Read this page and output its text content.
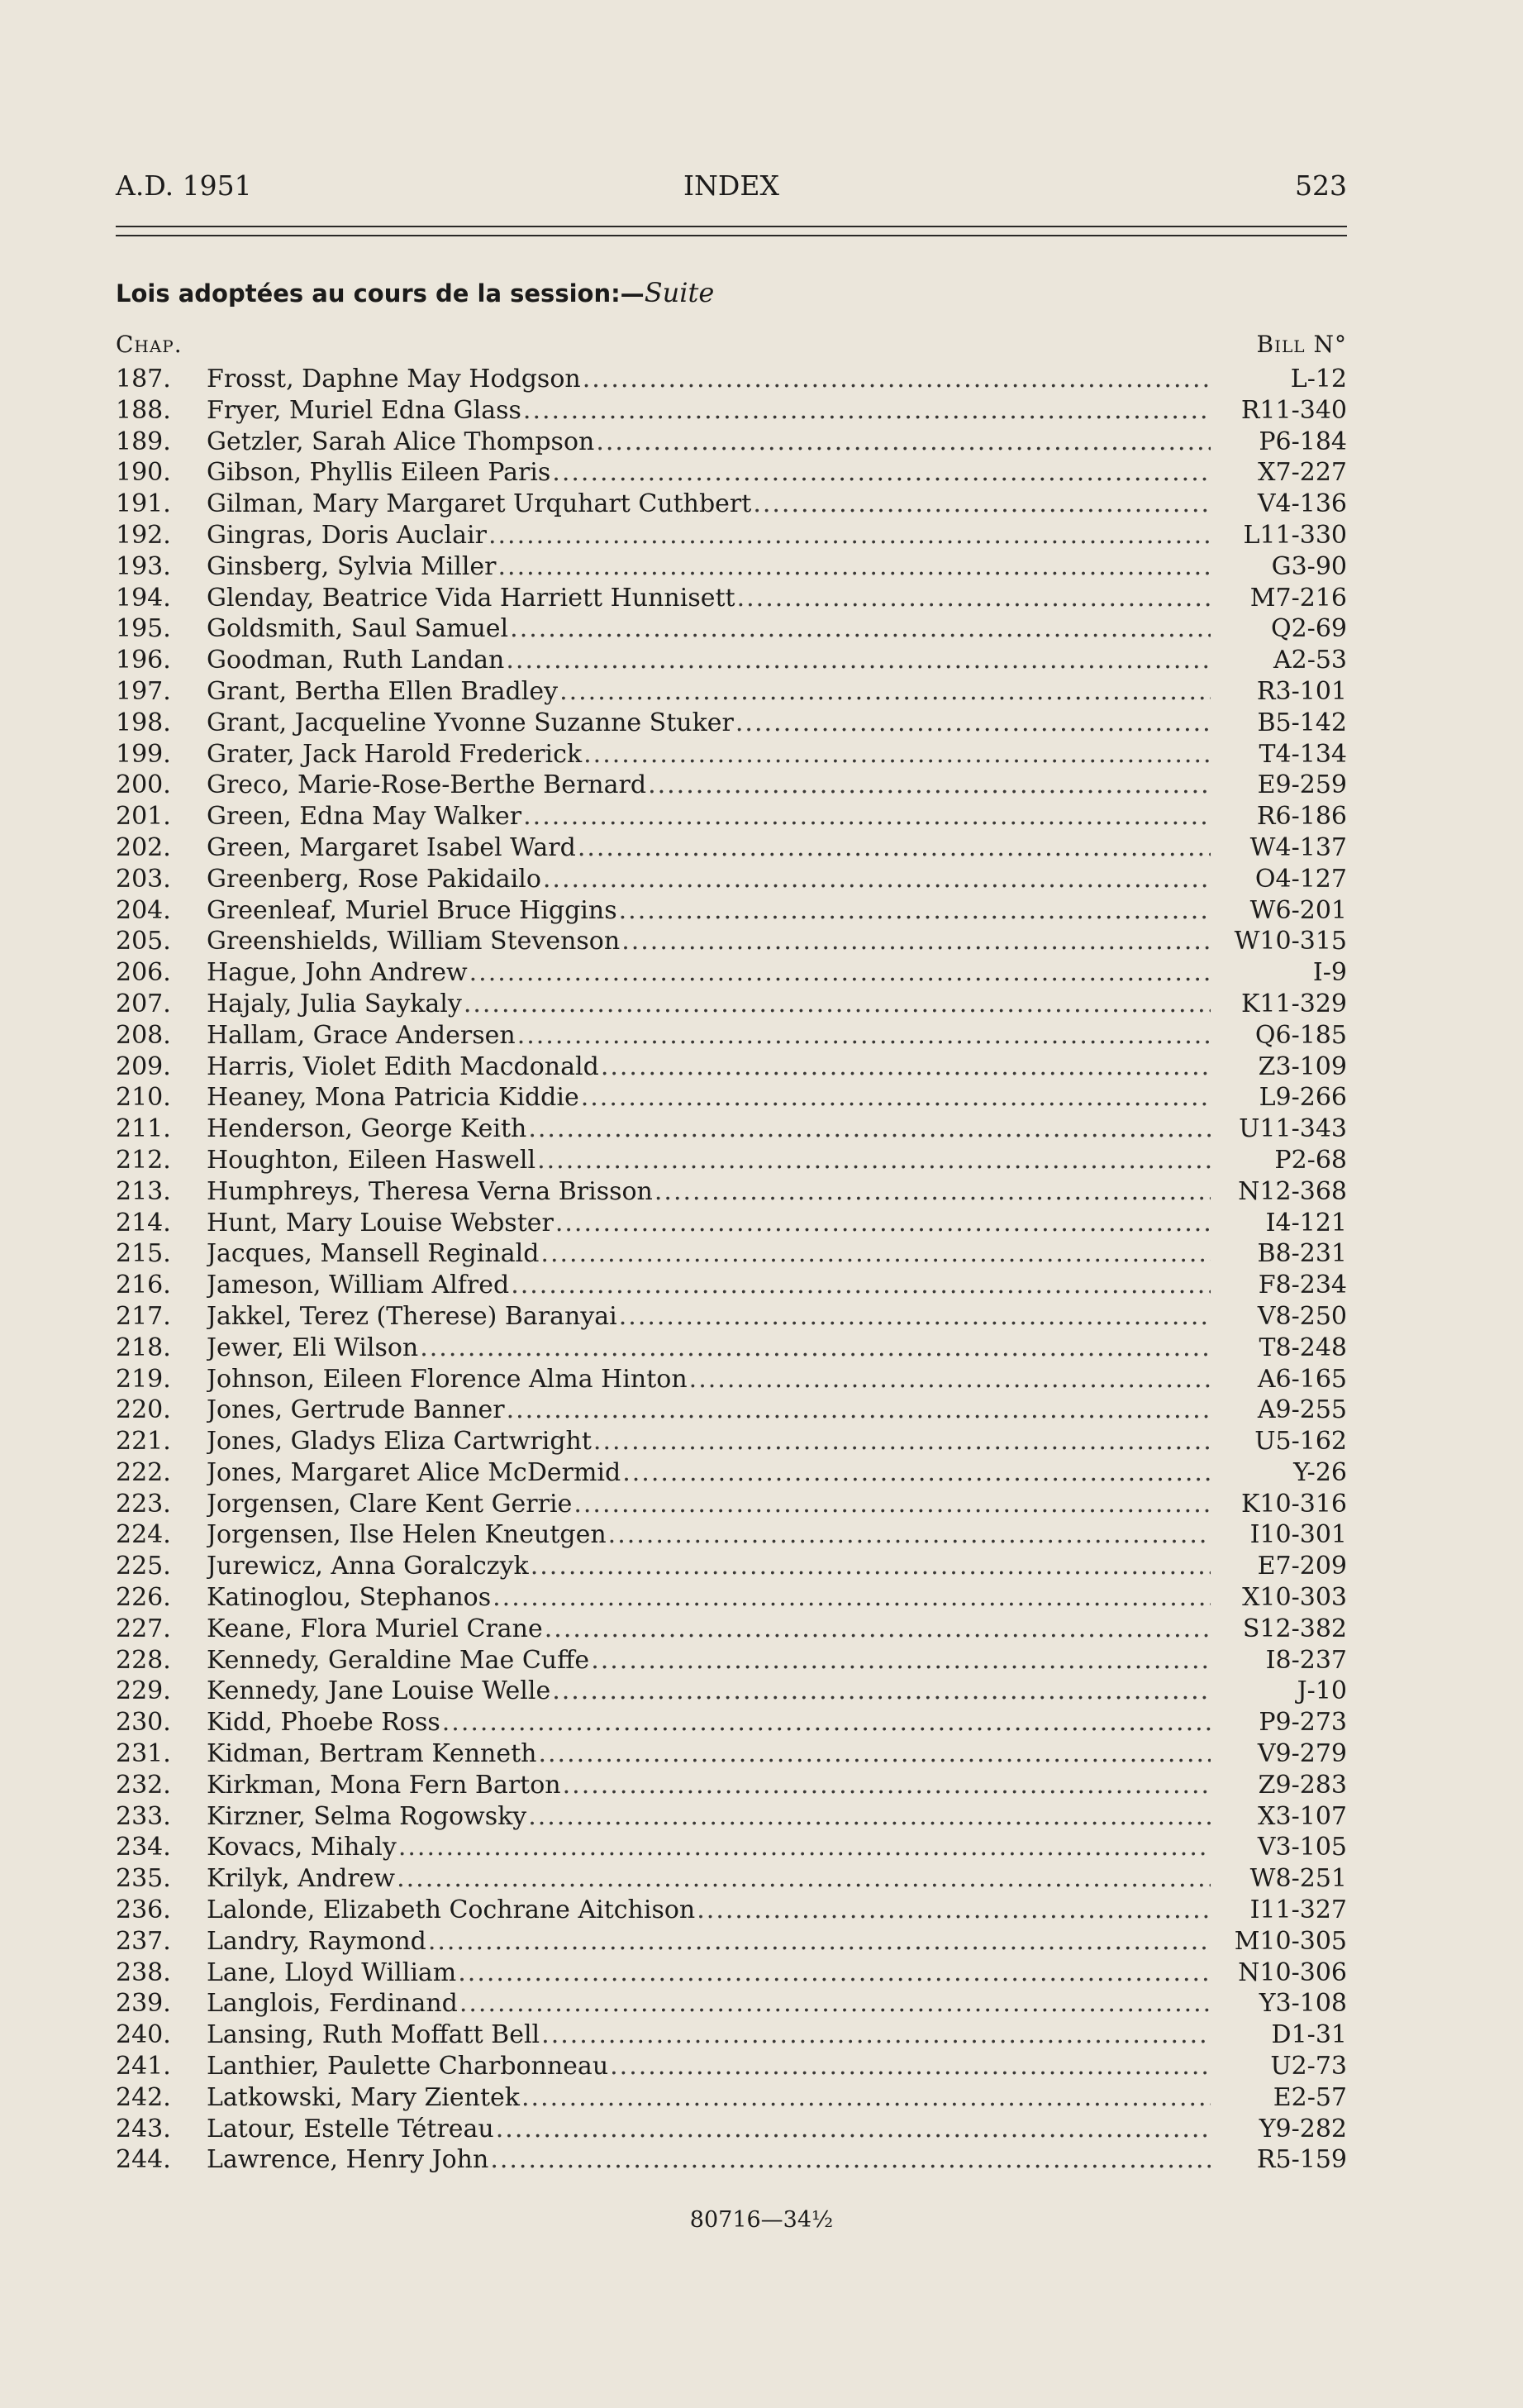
A.D. 1951	INDEX	523
Lois adoptées au cours de la session:—Suite
Chap.	Bill N°
187.	Frosst, Daphne May Hodgson .....	L-12
188.	Fryer, Muriel Edna Glass .....	R11-340
189.	Getzler, Sarah Alice Thompson .....	P6-184
190.	Gibson, Phyllis Eileen Paris .....	X7-227
191.	Gilman, Mary Margaret Urquhart Cuthbert .....	V4-136
192.	Gingras, Doris Auclair .....	L11-330
193.	Ginsberg, Sylvia Miller .....	G3-90
194.	Glenday, Beatrice Vida Harriett Hunnisett .....	M7-216
195.	Goldsmith, Saul Samuel .....	Q2-69
196.	Goodman, Ruth Landan .....	A2-53
197.	Grant, Bertha Ellen Bradley .....	R3-101
198.	Grant, Jacqueline Yvonne Suzanne Stuker .....	B5-142
199.	Grater, Jack Harold Frederick .....	T4-134
200.	Greco, Marie-Rose-Berthe Bernard .....	E9-259
201.	Green, Edna May Walker .....	R6-186
202.	Green, Margaret Isabel Ward .....	W4-137
203.	Greenberg, Rose Pakidailo .....	O4-127
204.	Greenleaf, Muriel Bruce Higgins .....	W6-201
205.	Greenshields, William Stevenson .....	W10-315
206.	Hague, John Andrew .....	I-9
207.	Hajaly, Julia Saykaly .....	K11-329
208.	Hallam, Grace Andersen .....	Q6-185
209.	Harris, Violet Edith Macdonald .....	Z3-109
210.	Heaney, Mona Patricia Kiddie .....	L9-266
211.	Henderson, George Keith .....	U11-343
212.	Houghton, Eileen Haswell .....	P2-68
213.	Humphreys, Theresa Verna Brisson .....	N12-368
214.	Hunt, Mary Louise Webster .....	I4-121
215.	Jacques, Mansell Reginald .....	B8-231
216.	Jameson, William Alfred .....	F8-234
217.	Jakkel, Terez (Therese) Baranyai .....	V8-250
218.	Jewer, Eli Wilson .....	T8-248
219.	Johnson, Eileen Florence Alma Hinton .....	A6-165
220.	Jones, Gertrude Banner .....	A9-255
221.	Jones, Gladys Eliza Cartwright .....	U5-162
222.	Jones, Margaret Alice McDermid .....	Y-26
223.	Jorgensen, Clare Kent Gerrie .....	K10-316
224.	Jorgensen, Ilse Helen Kneutgen .....	I10-301
225.	Jurewicz, Anna Goralczyk .....	E7-209
226.	Katinoglou, Stephanos .....	X10-303
227.	Keane, Flora Muriel Crane .....	S12-382
228.	Kennedy, Geraldine Mae Cuffe .....	I8-237
229.	Kennedy, Jane Louise Welle .....	J-10
230.	Kidd, Phoebe Ross .....	P9-273
231.	Kidman, Bertram Kenneth .....	V9-279
232.	Kirkman, Mona Fern Barton .....	Z9-283
233.	Kirzner, Selma Rogowsky .....	X3-107
234.	Kovacs, Mihaly .....	V3-105
235.	Krilyk, Andrew .....	W8-251
236.	Lalonde, Elizabeth Cochrane Aitchison .....	I11-327
237.	Landry, Raymond .....	M10-305
238.	Lane, Lloyd William .....	N10-306
239.	Langlois, Ferdinand .....	Y3-108
240.	Lansing, Ruth Moffatt Bell .....	D1-31
241.	Lanthier, Paulette Charbonneau .....	U2-73
242.	Latkowski, Mary Zientek .....	E2-57
243.	Latour, Estelle Tétreau .....	Y9-282
244.	Lawrence, Henry John .....	R5-159
80716—34½
